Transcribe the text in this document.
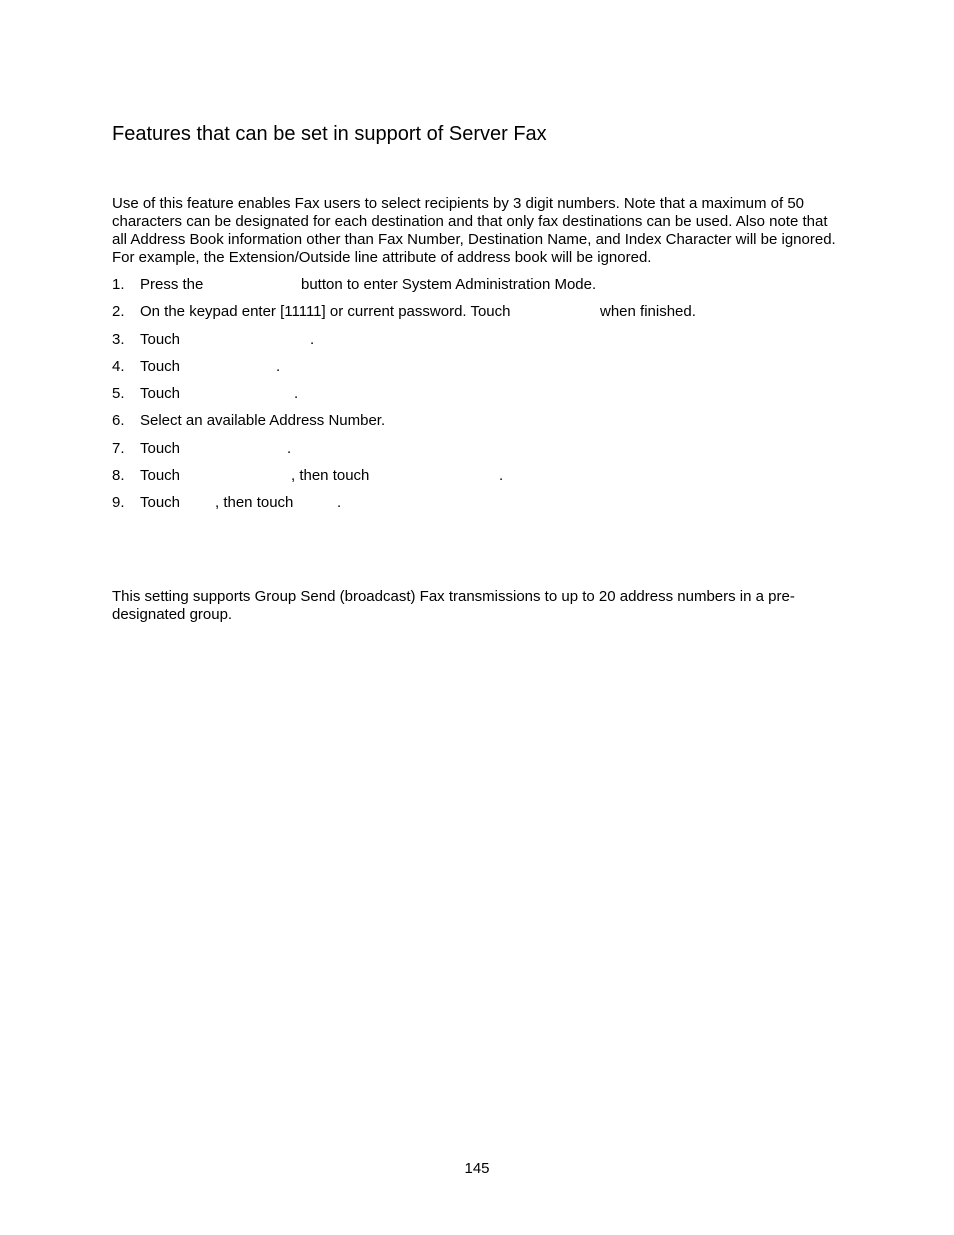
Features that can be set in support of Server Fax

Use of this feature enables Fax users to select recipients by 3 digit numbers. Note that a maximum of 50 characters can be designated for each destination and that only fax destinations can be used. Also note that all Address Book information other than Fax Number, Destination Name, and Index Character will be ignored. For example, the Extension/Outside line attribute of address book will be ignored.

1. Press the	button to enter System Administration Mode.
2. On the keypad enter [11111] or current password. Touch	when finished.
3. Touch	.
4. Touch	.
5. Touch	.
6. Select an available Address Number.
7. Touch	.
8. Touch	, then touch	.
9. Touch , then touch	.

This setting supports Group Send (broadcast) Fax transmissions to up to 20 address numbers in a pre-designated group.

145
